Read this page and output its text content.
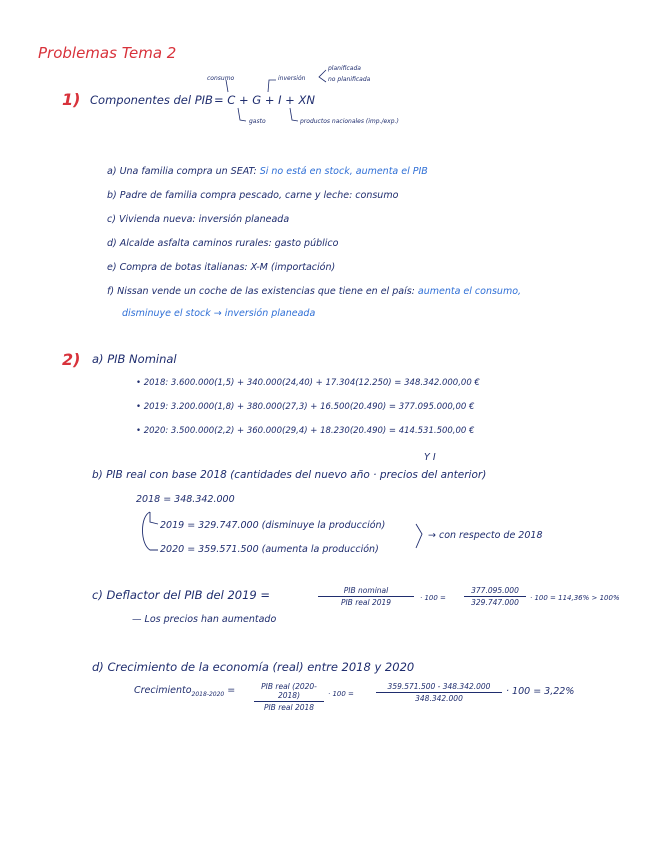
Problemas Tema 2
1) Componentes del PIB = C + G + I + XN
consumo	inversión
planificada
no planificada
gasto	productos nacionales (imp./exp.)
a) Una familia compra un SEAT: Si no está en stock, aumenta el PIB
b) Padre de familia compra pescado, carne y leche: consumo
c) Vivienda nueva: inversión planeada
d) Alcalde asfalta caminos rurales: gasto público
e) Compra de botas italianas: X-M (importación)
f) Nissan vende un coche de las existencias que tiene en el país: aumenta el consumo,
disminuye el stock → inversión planeada
2) a) PIB Nominal
• 2018: 3.600.000(1,5) + 340.000(24,40) + 17.304(12.250) = 348.342.000,00 €
• 2019: 3.200.000(1,8) + 380.000(27,3) + 16.500(20.490) = 377.095.000,00 €
• 2020: 3.500.000(2,2) + 360.000(29,4) + 18.230(20.490) = 414.531.500,00 €
Y I
b) PIB real con base 2018 (cantidades del nuevo año · precios del anterior)
2018 = 348.342.000
2019 = 329.747.000 (disminuye la producción)
2020 = 359.571.500 (aumenta la producción)
→ con respecto de 2018
c) Deflactor del PIB del 2019 =	PIB nominal
PIB real 2019	· 100 =
377.095.000
329.747.000	· 100 = 114,36% > 100%
— Los precios han aumentado
d) Crecimiento de la economía (real) entre 2018 y 2020
Crecimiento$_{2018-2020}$ =	PIB real (2020-2018)
PIB real 2018
· 100 =
359.571.500 - 348.342.000
348.342.000
· 100 = 3,22%
